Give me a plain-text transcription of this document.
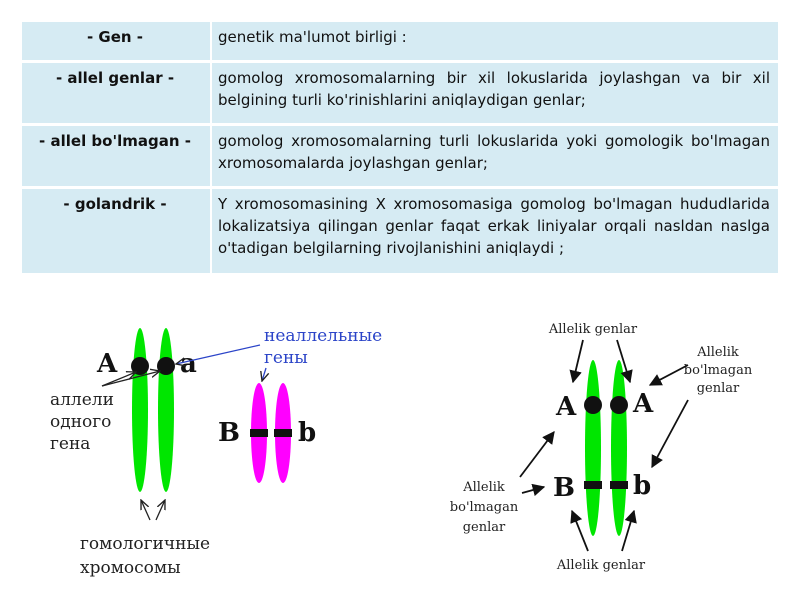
- Gen -	genetik ma'lumot birligi :
- allel genlar -	gomolog xromosomalarning bir xil lokuslarida joylashgan va bir xil belgining turli ko'rinishlarini aniqlaydigan genlar;
- allel bo'lmagan -	gomolog xromosomalarning turli lokuslarida yoki gomologik bo'lmagan xromosomalarda joylashgan genlar;
- golandrik -	Y xromosomasining X xromosomasiga gomolog bo'lmagan hududlarida lokalizatsiya qilingan genlar faqat erkak liniyalar orqali nasldan naslga o'tadigan belgilarning rivojlanishini aniqlaydi ;
A a
B b
неаллельные
гены
аллели
одного
гена
гомологичные
хромосомы
A A
B b
Allelik genlar
Allelik
bo'lmagan
genlar
Allelik
bo'lmagan
genlar
Allelik genlar
